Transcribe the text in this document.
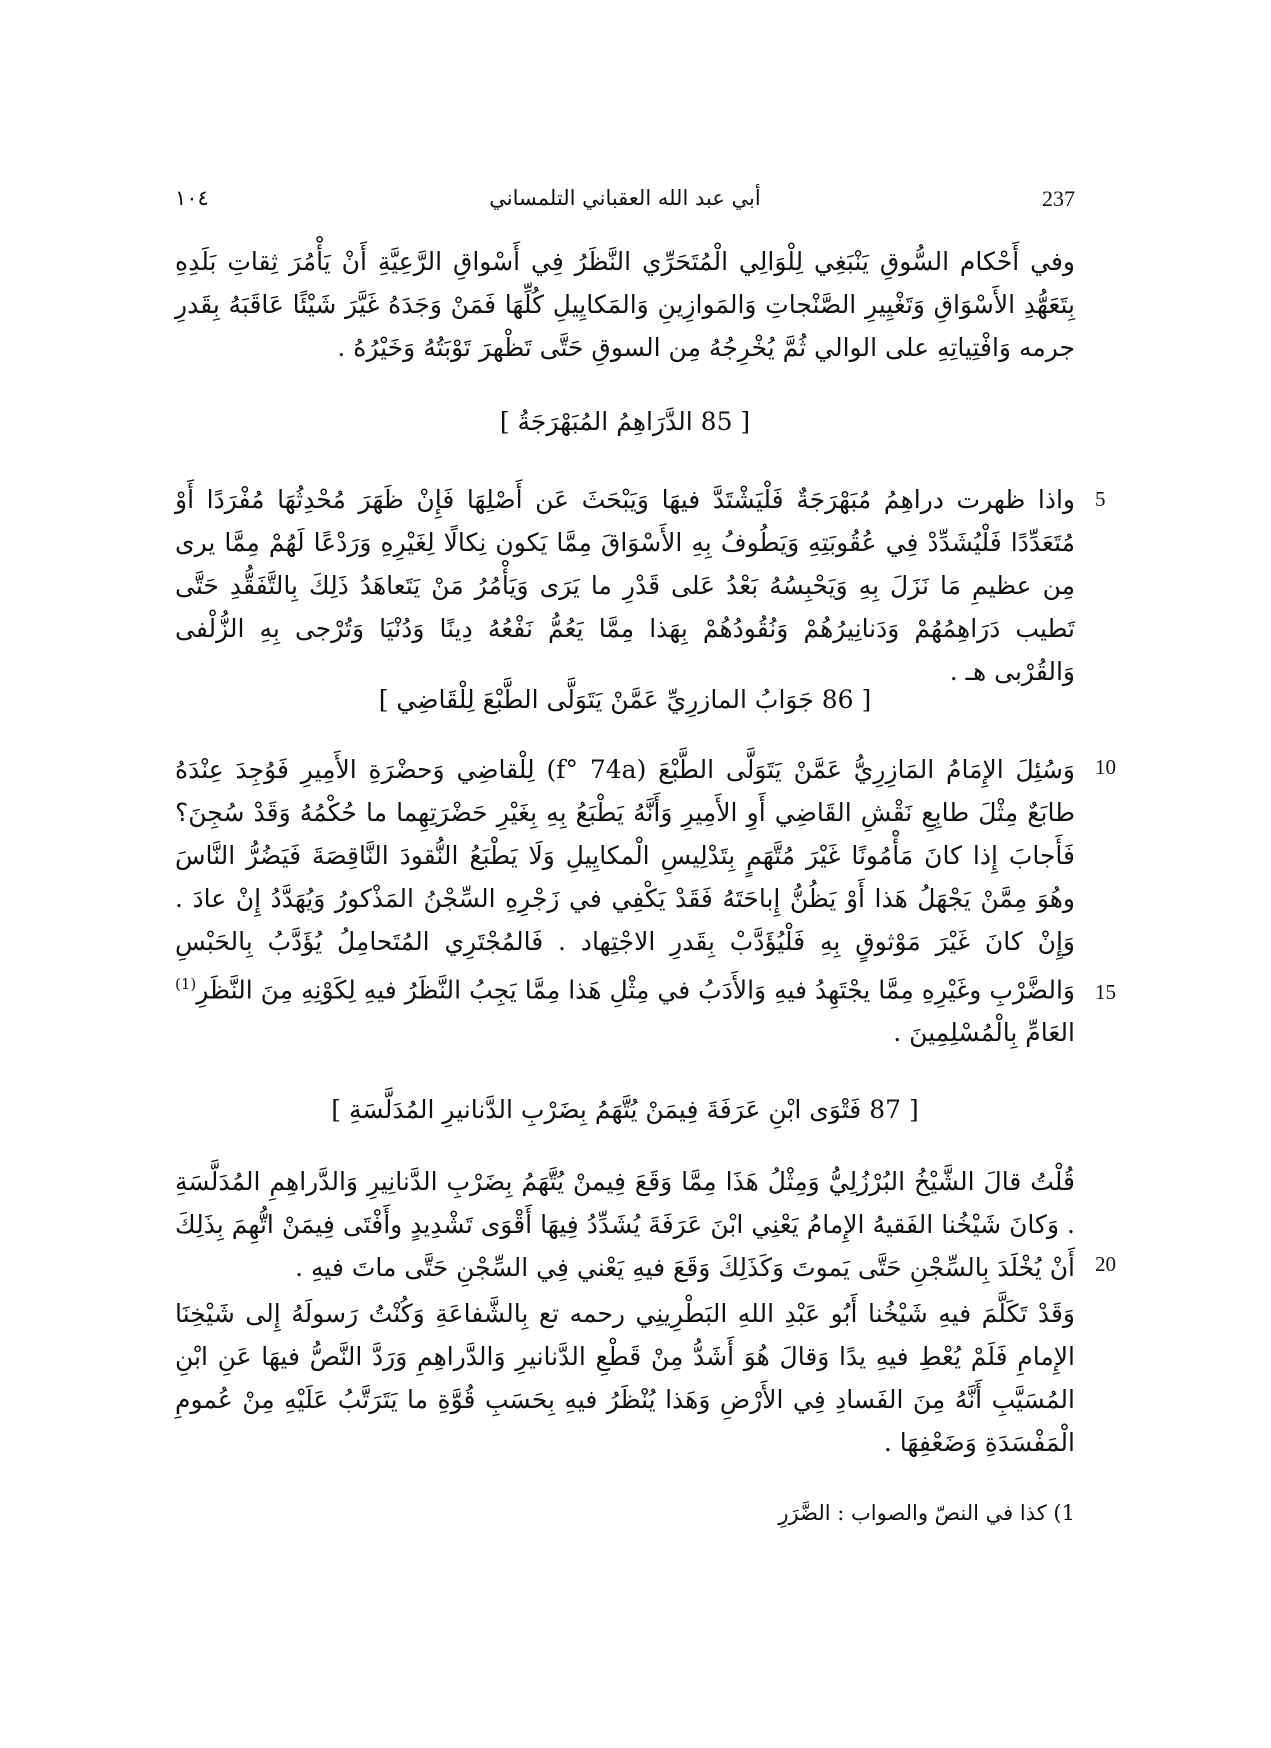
١٠٤	أبي عبد الله العقباني التلمساني	237

وفي أَحْكام السُّوقِ يَنْبَغِي لِلْوَالِي الْمُتَحَرِّي النَّظَرُ فِي أَسْواقِ الرَّعِيَّةِ أَنْ يَأْمُرَ ثِقاتِ بَلَدِهِ بِتَعَهُّدِ الأَسْوَاقِ وَتَغْيِيرِ الصَّنْجاتِ وَالمَوازِينِ وَالمَكايِيلِ كُلِّهَا فَمَنْ وَجَدَهُ غَيَّرَ شَيْئًا عَاقَبَهُ بِقَدرِ جرمه وَافْتِياتِهِ على الوالي ثُمَّ يُخْرِجُهُ مِن السوقِ حَتَّى تَظْهرَ تَوْبَتُهُ وَخَيْرُهُ .

[ 85 الدَّرَاهِمُ المُبَهْرَجَةُ ]
5

واذا ظهرت دراهِمُ مُبَهْرَجَةٌ فَلْيَشْتَدَّ فيهَا وَيَبْحَثَ عَن أَصْلِهَا فَإِنْ ظَهَرَ مُحْدِثُهَا مُفْرَدًا أَوْ مُتَعَدِّدًا فَلْيُشَدِّدْ فِي عُقُوبَتِهِ وَيَطُوفُ بِهِ الأَسْوَاقَ مِمَّا يَكون نِكالًا لِغَيْرِهِ وَرَدْعًا لَهُمْ مِمَّا يرى مِن عظيمِ مَا نَزَلَ بِهِ وَيَحْبِسُهُ بَعْدُ عَلى قَدْرِ ما يَرَى وَيَأْمُرُ مَنْ يَتَعاهَدُ ذَلِكَ بِالتَّفَقُّدِ حَتَّى تَطيب دَرَاهِمُهُمْ وَدَنانِيرُهُمْ وَنُقُودُهُمْ بِهَذا مِمَّا يَعُمُّ نَفْعُهُ دِينًا وَدُنْيَا وَتُرْجى بِهِ الزُّلْفى وَالقُرْبى هـ .

[ 86 جَوَابُ المازرِيِّ عَمَّنْ يَتَوَلَّى الطَّبْعَ لِلْقَاضِي ]
10
15

وَسُئِلَ الإِمَامُ المَازِرِيُّ عَمَّنْ يَتَوَلَّى الطَّبْعَ (f° 74a) لِلْقاضِي وَحضْرَةِ الأَمِيرِ فَوُجِدَ عِنْدَهُ طابَعٌ مِثْلَ طابِعِ نَقْشِ القَاضِي أَوِ الأَمِيرِ وَأَنَّهُ يَطْبَعُ بِهِ بِغَيْرِ حَضْرَتِهِما ما حُكْمُهُ وَقَدْ سُجِنَ؟ فَأَجابَ إِذا كانَ مَأْمُونًا غَيْرَ مُتَّهَمٍ بِتَدْلِيسِ الْمكايِيلِ وَلَا يَطْبَعُ النُّقودَ النَّاقِصَةَ فَيَضُرُّ النَّاسَ وهُوَ مِمَّنْ يَجْهَلُ هَذا أَوْ يَظُنُّ إِباحَتَهُ فَقَدْ يَكْفِي في زَجْرِهِ السِّجْنُ المَذْكورُ وَيُهَدَّدُ إِنْ عادَ . وَإِنْ كانَ غَيْرَ مَوْثوقٍ بِهِ فَلْيُؤَدَّبْ بِقَدرِ الاجْتِهاد . فَالمُجْتَرِي المُتَحامِلُ يُؤَدَّبُ بِالحَبْسِ وَالضَّرْبِ وغَيْرِهِ مِمَّا يجْتَهِدُ فيهِ وَالأَدَبُ في مِثْلِ هَذا مِمَّا يَجِبُ النَّظَرُ فيهِ لِكَوْنِهِ مِنَ النَّظَرِ$^{(1)}$ العَامِّ بِالْمُسْلِمِينَ .

[ 87 فَتْوَى ابْنِ عَرَفَةَ فِيمَنْ يُتَّهَمُ بِضَرْبِ الدَّنانيرِ المُدَلَّسَةِ ]
20

قُلْتُ قالَ الشَّيْخُ البُرْزُلِيُّ وَمِثْلُ هَذَا مِمَّا وَقَعَ فِيمنْ يُتَّهَمُ بِضَرْبِ الدَّنانِيرِ وَالدَّراهِمِ المُدَلَّسَةِ . وَكانَ شَيْخُنا الفَقيهُ الإِمامُ يَعْنِي ابْنَ عَرَفَةَ يُشَدِّدُ فِيهَا أَقْوَى تَشْدِيدٍ وأَفْتَى فِيمَنْ اتُّهِمَ بِذَلِكَ أَنْ يُخْلَدَ بِالسِّجْنِ حَتَّى يَموتَ وَكَذَلِكَ وَقَعَ فيهِ يَعْني فِي السِّجْنِ حَتَّى ماتَ فيهِ .

وَقَدْ تَكَلَّمَ فيهِ شَيْخُنا أَبُو عَبْدِ اللهِ البَطْرِينِي رحمه تع بِالشَّفاعَةِ وَكُنْتُ رَسولَهُ إِلى شَيْخِنَا الإِمامِ فَلَمْ يُعْطِ فيهِ يدًا وَقالَ هُوَ أَشَدُّ مِنْ قَطْعِ الدَّنانيرِ وَالدَّراهِمِ وَرَدَّ النَّصُّ فيهَا عَنِ ابْنِ المُسَيَّبِ أَنَّهُ مِنَ الفَسادِ فِي الأَرْضِ وَهَذا يُنْظَرُ فيهِ بِحَسَبِ قُوَّةِ ما يَتَرَتَّبُ عَلَيْهِ مِنْ عُمومِ الْمَفْسَدَةِ وَضَعْفِهَا .

1) كذا في النصّ والصواب : الضَّرَرِ
